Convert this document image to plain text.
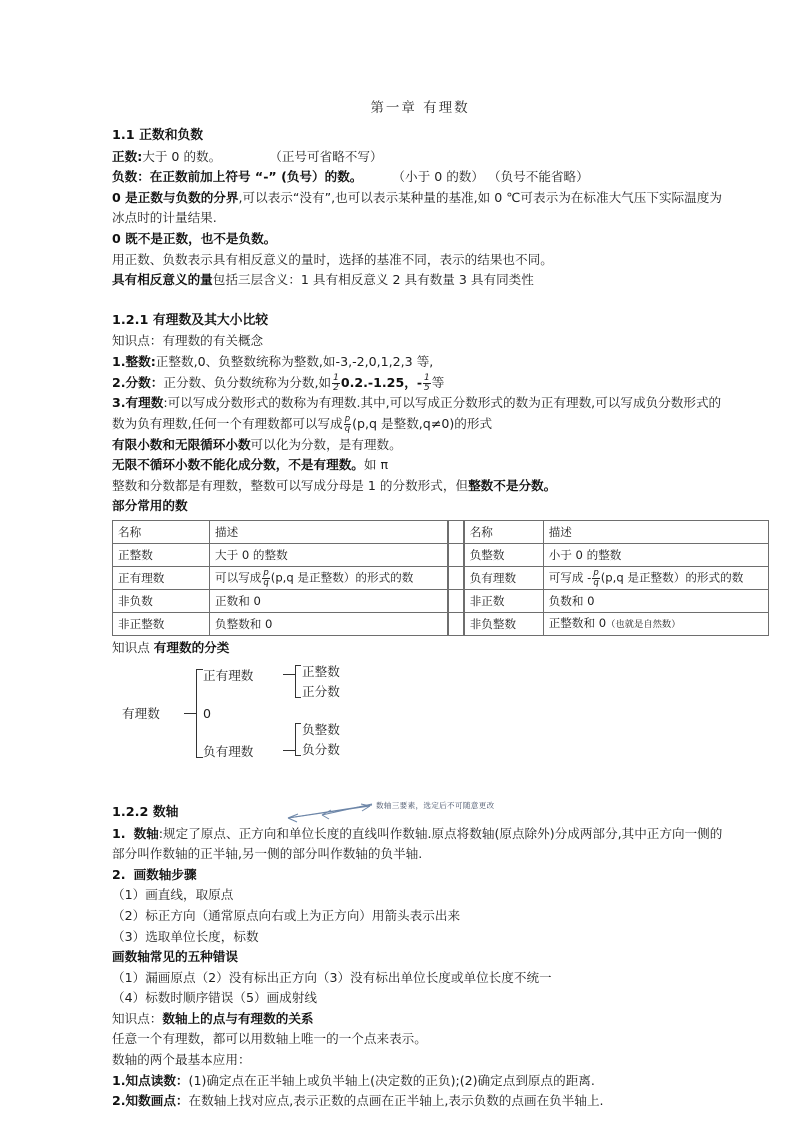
第一章 有理数
1.1 正数和负数

正数:大于 0 的数。	（正号可省略不写）

负数：在正数前加上符号 “-” (负号）的数。 （小于 0 的数） （负号不能省略）

0 是正数与负数的分界,可以表示“没有”,也可以表示某种量的基准,如 0 ℃可表示为在标准大气压下实际温度为冰点时的计量结果.

0 既不是正数，也不是负数。

用正数、负数表示具有相反意义的量时，选择的基准不同，表示的结果也不同。

具有相反意义的量包括三层含义：1 具有相反意义 2 具有数量 3 具有同类性

1.2.1 有理数及其大小比较

知识点：有理数的有关概念

1.整数:正整数,0、负整数统称为整数,如-3,-2,0,1,2,3 等,

2.分数：正分数、负分数统称为分数,如 $\frac{1}{2} 0.2.-1.25$，- $\frac{1}{5}$ 等

3.有理数:可以写成分数形式的数称为有理数.其中,可以写成正分数形式的数为正有理数,可以写成负分数形式的数为负有理数,任何一个有理数都可以写成 $\frac{p}{q} (p,q$ 是整数,q≠0)的形式

有限小数和无限循环小数可以化为分数，是有理数。

无限不循环小数不能化成分数，不是有理数。如 π

整数和分数都是有理数，整数可以写成分母是 1 的分数形式，但整数不是分数。

部分常用的数

名称	描述
正整数	大于 0 的整数
正有理数	可以写成 $\frac{p}{q} (p,q$ 是正整数）的形式的数
非负数	正数和 0
非正整数	负整数和 0

名称	描述
负整数	小于 0 的整数
负有理数	可写成 - $\frac{p}{q} (p,q$ 是正整数）的形式的数
非正数	负数和 0
非负整数	正整数和 0（也就是自然数）

知识点 有理数的分类

有理数
正有理数
0
负有理数
正整数
正分数
负整数
负分数
1.2.2 数轴	数轴三要素，选定后不可随意更改

1. 数轴:规定了原点、正方向和单位长度的直线叫作数轴.原点将数轴(原点除外)分成两部分,其中正方向一侧的部分叫作数轴的正半轴,另一侧的部分叫作数轴的负半轴.

2. 画数轴步骤

（1）画直线，取原点

（2）标正方向（通常原点向右或上为正方向）用箭头表示出来

（3）选取单位长度，标数

画数轴常见的五种错误

（1）漏画原点（2）没有标出正方向（3）没有标出单位长度或单位长度不统一

（4）标数时顺序错误（5）画成射线

知识点：数轴上的点与有理数的关系

任意一个有理数，都可以用数轴上唯一的一个点来表示。

数轴的两个最基本应用：

1.知点读数：(1)确定点在正半轴上或负半轴上(决定数的正负);(2)确定点到原点的距离.

2.知数画点：在数轴上找对应点,表示正数的点画在正半轴上,表示负数的点画在负半轴上.
